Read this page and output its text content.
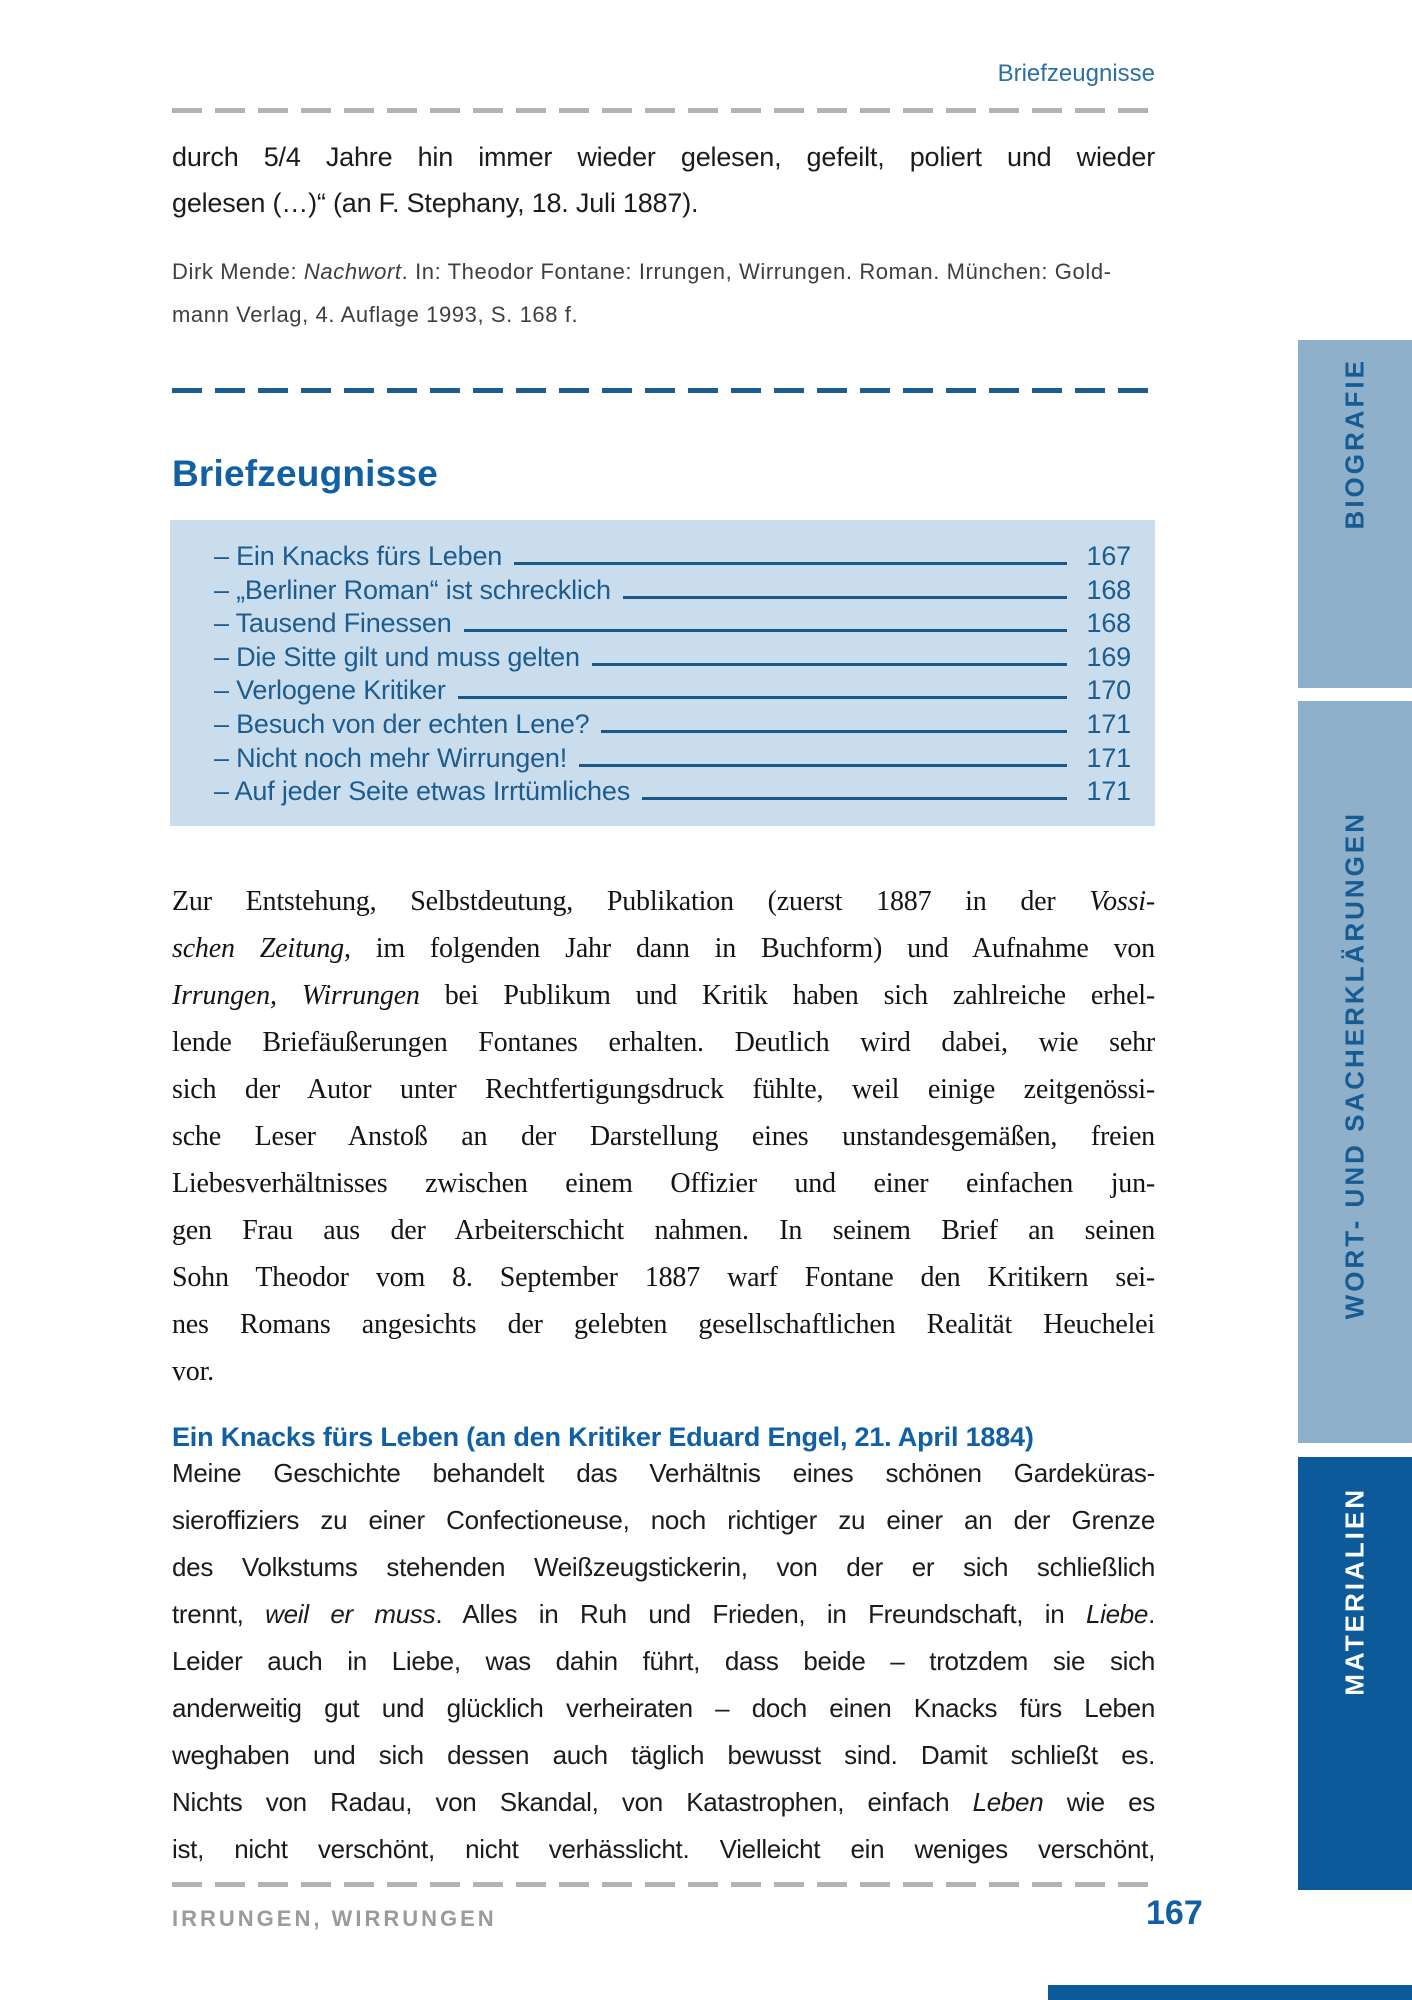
Briefzeugnisse
durch 5/4 Jahre hin immer wieder gelesen, gefeilt, poliert und wieder
gelesen (…)“ (an F. Stephany, 18. Juli 1887).
Dirk Mende: Nachwort. In: Theodor Fontane: Irrungen, Wirrungen. Roman. München: Gold-
mann Verlag, 4. Auflage 1993, S. 168 f.
Briefzeugnisse
– Ein Knacks fürs Leben	167
– „Berliner Roman“ ist schrecklich	168
– Tausend Finessen	168
– Die Sitte gilt und muss gelten	169
– Verlogene Kritiker	170
– Besuch von der echten Lene?	171
– Nicht noch mehr Wirrungen!	171
– Auf jeder Seite etwas Irrtümliches	171
Zur Entstehung, Selbstdeutung, Publikation (zuerst 1887 in der Vossi-
schen Zeitung, im folgenden Jahr dann in Buchform) und Aufnahme von
Irrungen, Wirrungen bei Publikum und Kritik haben sich zahlreiche erhel-
lende Briefäußerungen Fontanes erhalten. Deutlich wird dabei, wie sehr
sich der Autor unter Rechtfertigungsdruck fühlte, weil einige zeitgenössi-
sche Leser Anstoß an der Darstellung eines unstandesgemäßen, freien
Liebesverhältnisses zwischen einem Offizier und einer einfachen jun-
gen Frau aus der Arbeiterschicht nahmen. In seinem Brief an seinen
Sohn Theodor vom 8. September 1887 warf Fontane den Kritikern sei-
nes Romans angesichts der gelebten gesellschaftlichen Realität Heuchelei
vor.
Ein Knacks fürs Leben (an den Kritiker Eduard Engel, 21. April 1884)
Meine Geschichte behandelt das Verhältnis eines schönen Gardeküras-
sieroffiziers zu einer Confectioneuse, noch richtiger zu einer an der Grenze
des Volkstums stehenden Weißzeugstickerin, von der er sich schließlich
trennt, weil er muss. Alles in Ruh und Frieden, in Freundschaft, in Liebe.
Leider auch in Liebe, was dahin führt, dass beide – trotzdem sie sich
anderweitig gut und glücklich verheiraten – doch einen Knacks fürs Leben
weghaben und sich dessen auch täglich bewusst sind. Damit schließt es.
Nichts von Radau, von Skandal, von Katastrophen, einfach Leben wie es
ist, nicht verschönt, nicht verhässlicht. Vielleicht ein weniges verschönt,
IRRUNGEN, WIRRUNGEN	167
BIOGRAFIE
WORT- UND SACHERKLÄRUNGEN
MATERIALIEN
